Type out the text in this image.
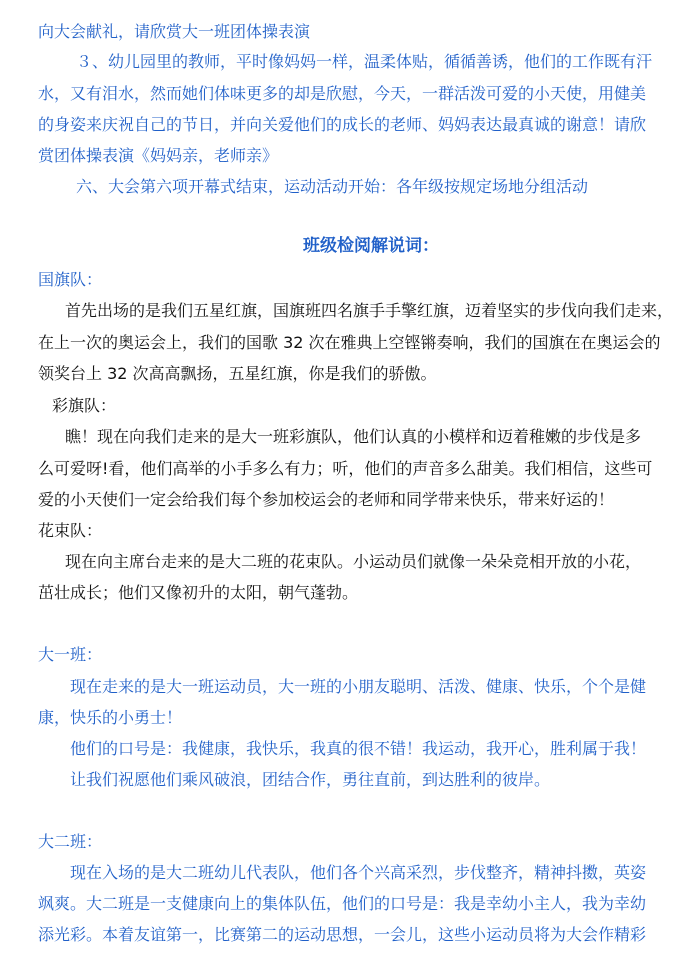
向大会献礼，请欣赏大一班团体操表演
３、幼儿园里的教师，平时像妈妈一样，温柔体贴，循循善诱，他们的工作既有汗
水，又有泪水，然而她们体味更多的却是欣慰，今天，一群活泼可爱的小天使，用健美
的身姿来庆祝自己的节日，并向关爱他们的成长的老师、妈妈表达最真诚的谢意！请欣
赏团体操表演《妈妈亲，老师亲》
六、大会第六项开幕式结束，运动活动开始：各年级按规定场地分组活动
班级检阅解说词：
国旗队：
首先出场的是我们五星红旗，国旗班四名旗手手擎红旗，迈着坚实的步伐向我们走来，
在上一次的奥运会上，我们的国歌 32 次在雅典上空铿锵奏响，我们的国旗在在奥运会的
领奖台上 32 次高高飘扬，五星红旗，你是我们的骄傲。
彩旗队：
瞧！现在向我们走来的是大一班彩旗队，他们认真的小模样和迈着稚嫩的步伐是多
么可爱呀!看，他们高举的小手多么有力；听，他们的声音多么甜美。我们相信，这些可
爱的小天使们一定会给我们每个参加校运会的老师和同学带来快乐，带来好运的！
花束队：
现在向主席台走来的是大二班的花束队。小运动员们就像一朵朵竞相开放的小花，
茁壮成长；他们又像初升的太阳，朝气蓬勃。
大一班：
现在走来的是大一班运动员，大一班的小朋友聪明、活泼、健康、快乐，个个是健
康，快乐的小勇士！
他们的口号是：我健康，我快乐，我真的很不错！我运动，我开心，胜利属于我！
让我们祝愿他们乘风破浪，团结合作，勇往直前，到达胜利的彼岸。
大二班：
现在入场的是大二班幼儿代表队，他们各个兴高采烈，步伐整齐，精神抖擞，英姿
飒爽。大二班是一支健康向上的集体队伍，他们的口号是：我是幸幼小主人，我为幸幼
添光彩。本着友谊第一，比赛第二的运动思想，一会儿，这些小运动员将为大会作精彩
